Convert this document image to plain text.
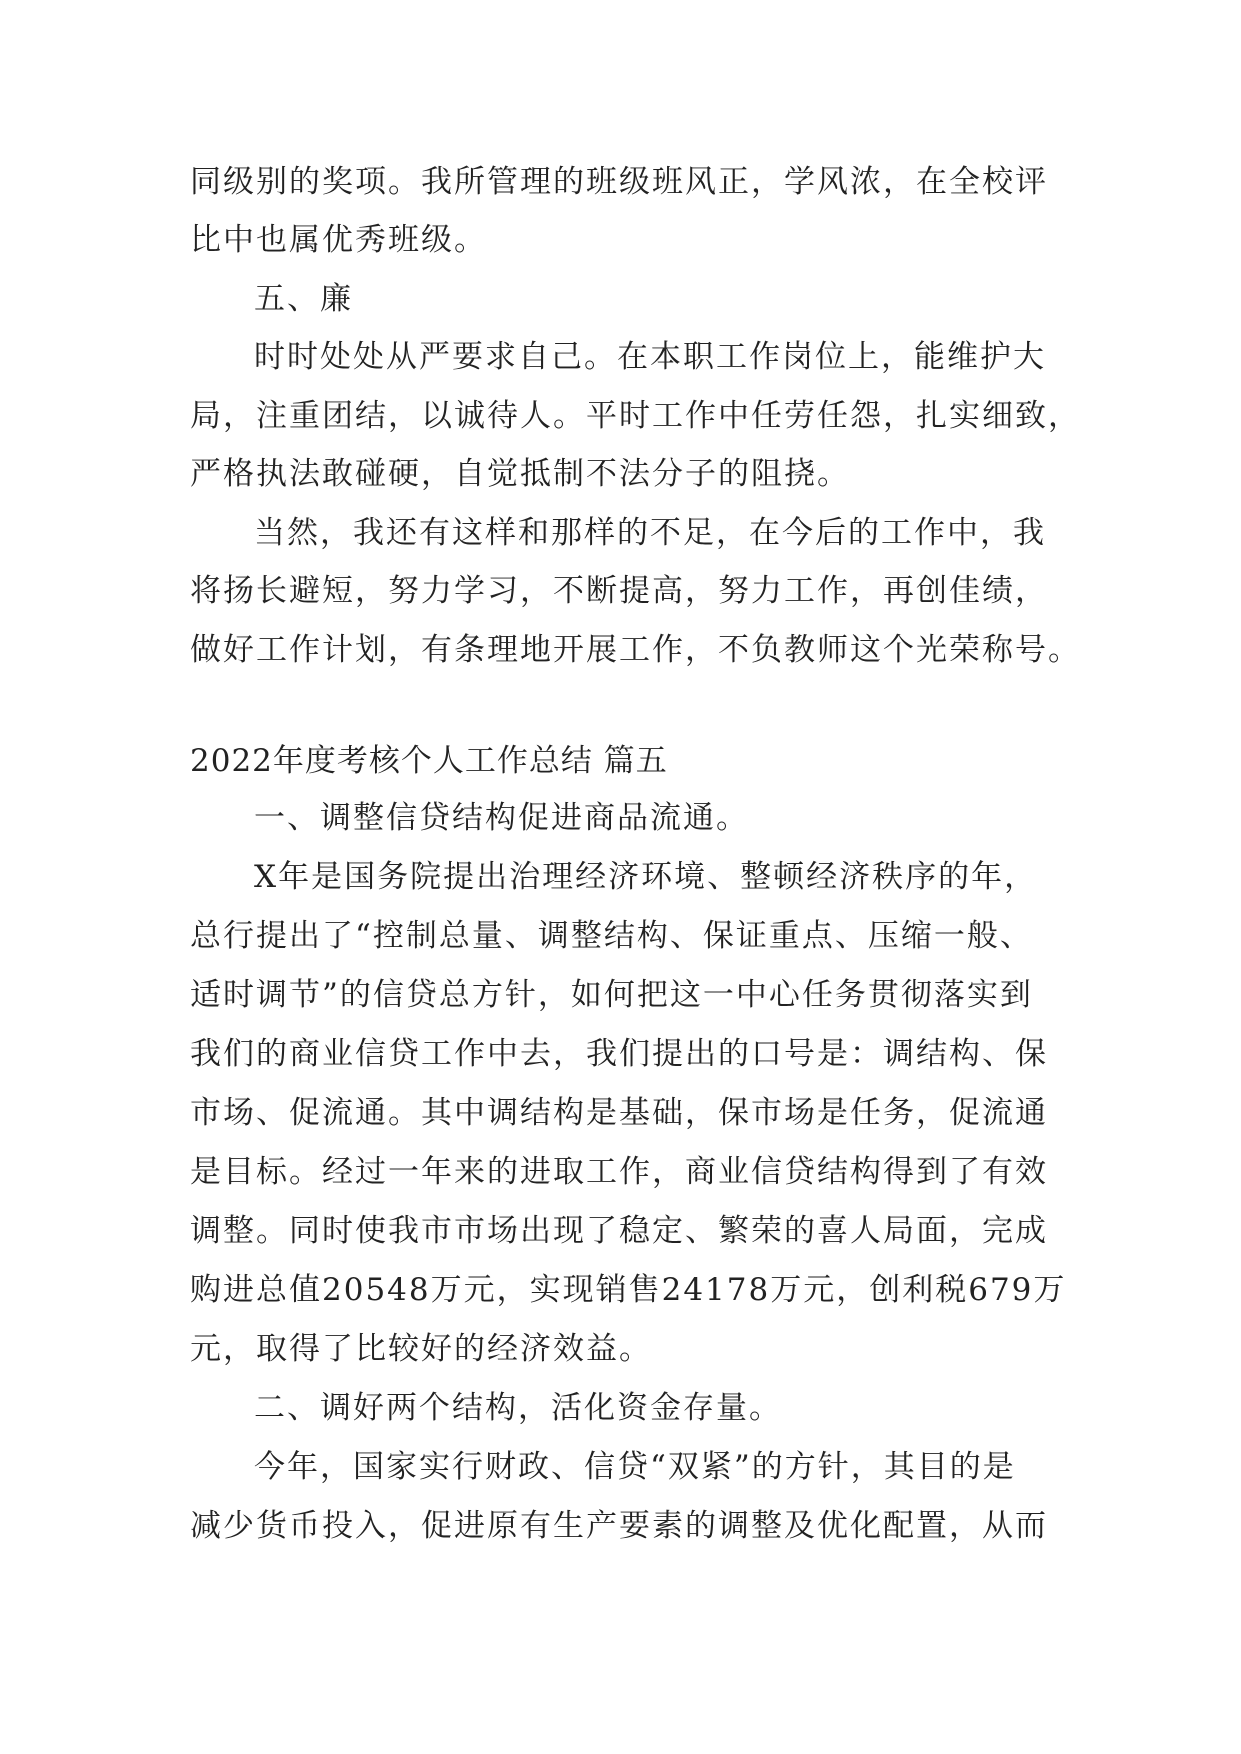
同级别的奖项。我所管理的班级班风正，学风浓，在全校评
比中也属优秀班级。
五、廉
时时处处从严要求自己。在本职工作岗位上，能维护大
局，注重团结，以诚待人。平时工作中任劳任怨，扎实细致，
严格执法敢碰硬，自觉抵制不法分子的阻挠。
当然，我还有这样和那样的不足，在今后的工作中，我
将扬长避短，努力学习，不断提高，努力工作，再创佳绩，
做好工作计划，有条理地开展工作，不负教师这个光荣称号。
2022年度考核个人工作总结 篇五
一、调整信贷结构促进商品流通。
X年是国务院提出治理经济环境、整顿经济秩序的年，
总行提出了“控制总量、调整结构、保证重点、压缩一般、
适时调节”的信贷总方针，如何把这一中心任务贯彻落实到
我们的商业信贷工作中去，我们提出的口号是：调结构、保
市场、促流通。其中调结构是基础，保市场是任务，促流通
是目标。经过一年来的进取工作，商业信贷结构得到了有效
调整。同时使我市市场出现了稳定、繁荣的喜人局面，完成
购进总值20548万元，实现销售24178万元，创利税679万
元，取得了比较好的经济效益。
二、调好两个结构，活化资金存量。
今年，国家实行财政、信贷“双紧”的方针，其目的是
减少货币投入，促进原有生产要素的调整及优化配置，从而
